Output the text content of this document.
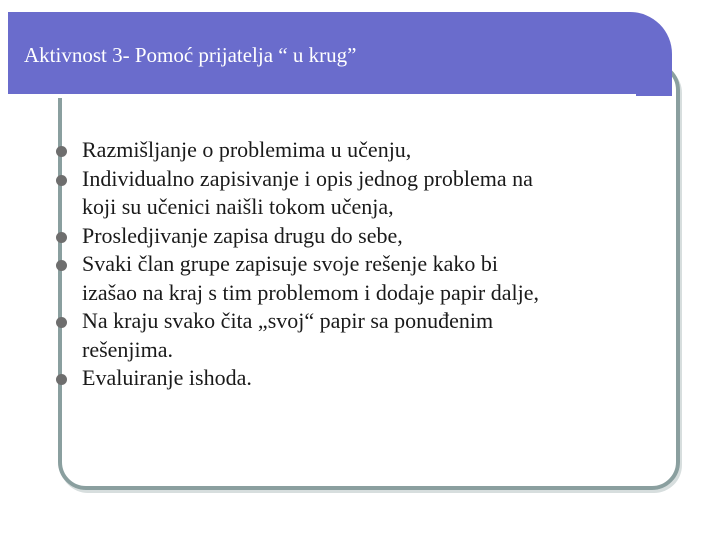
Aktivnost 3- Pomoć prijatelja “ u krug”
Razmišljanje o problemima u učenju,
Individualno zapisivanje i opis jednog problema na
koji su učenici naišli tokom učenja,
Prosledjivanje zapisa drugu do sebe,
Svaki član grupe zapisuje svoje rešenje kako bi
izašao na kraj s tim problemom i dodaje papir dalje,
Na kraju svako čita „svoj“ papir sa ponuđenim
rešenjima.
Evaluiranje ishoda.
